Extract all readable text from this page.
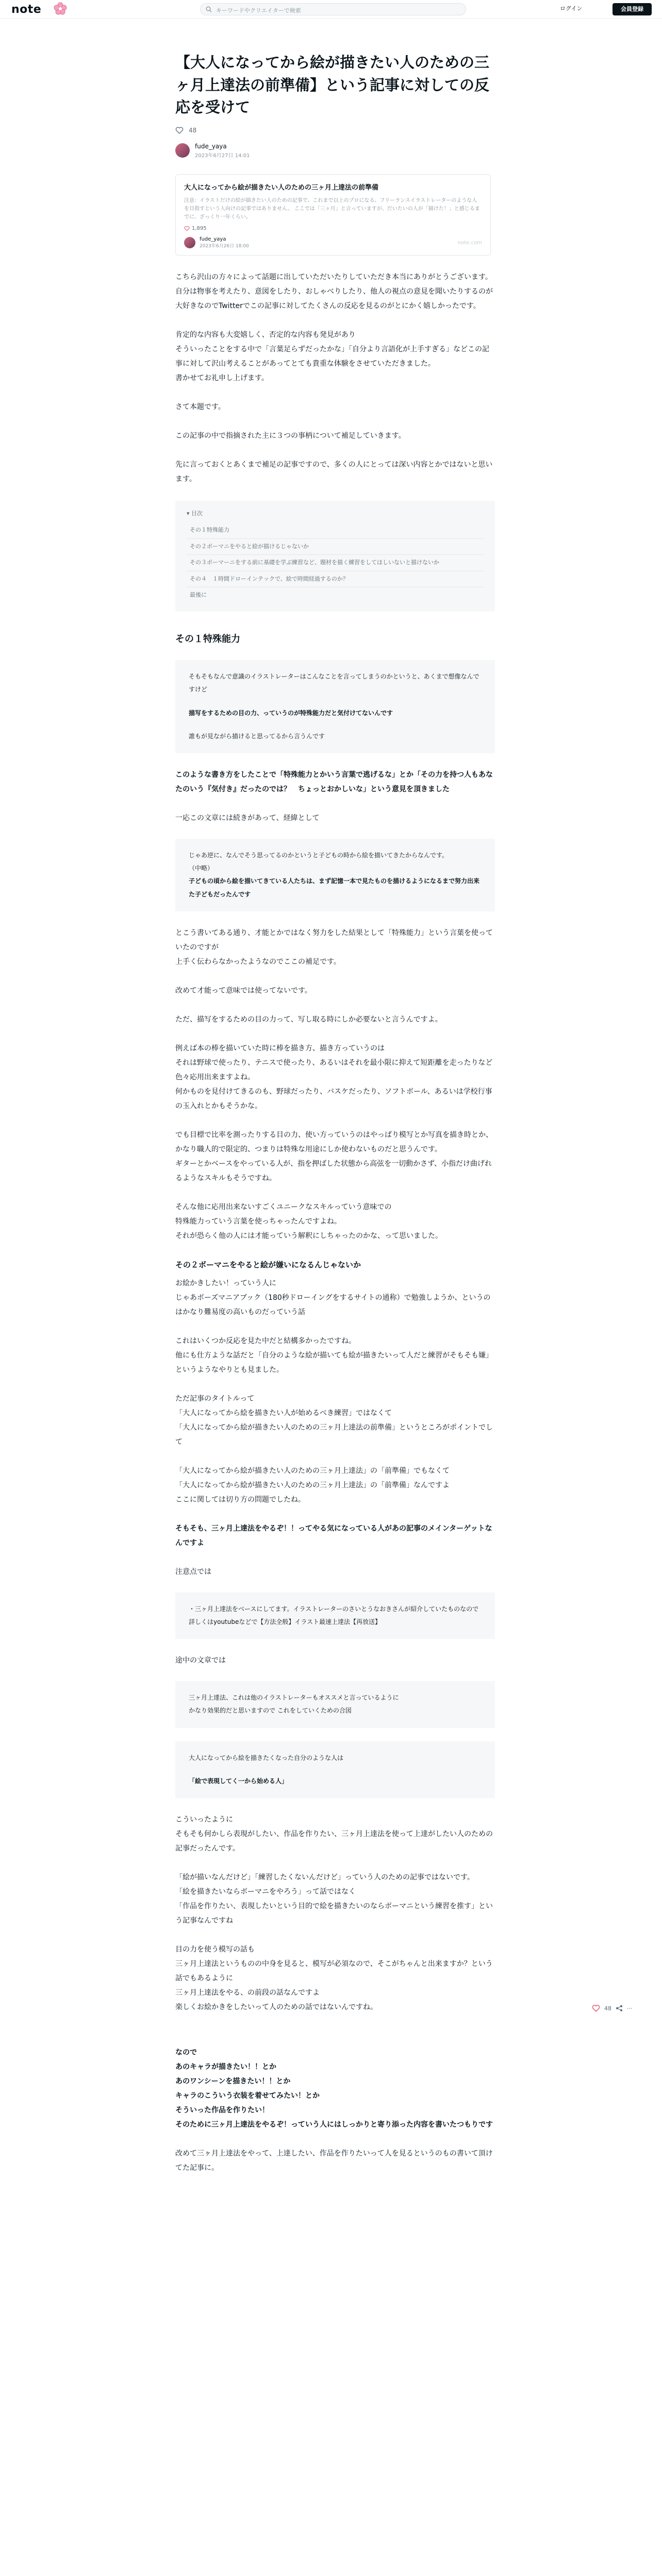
note	キーワードやクリエイターで検索	ログイン	会員登録
【大人になってから絵が描きたい人のための三ヶ月上達法の前準備】という記事に対しての反応を受けて
48
fude_yaya
2023年6月27日 14:01
大人になってから絵が描きたい人のための三ヶ月上達法の前準備
注意：イラストだけの絵が描きたい人のための記事で、これまで以上のプロになる、フリーランスイラストレーターのような人を目指すという人向けの記事ではありません。 ここでは「三ヶ月」と言っていますが、だいたいの人が「描けた！」と感じるまでに、ざっくり一年くらい。
1,895
fude_yaya
2023年6月26日 18:00
note.com

こちら沢山の方々によって話題に出していただいたりしていただき本当にありがとうございます。

自分は物事を考えたり、意図をしたり、おしゃべりしたり、他人の視点の意見を聞いたりするのが大好きなのでTwitterでこの記事に対してたくさんの反応を見るのがとにかく嬉しかったです。

肯定的な内容も大変嬉しく、否定的な内容も発見があり

そういったことをする中で「言葉足らずだったかな」「自分より言語化が上手すぎる」などこの記事に対して沢山考えることがあってとても貴重な体験をさせていただきました。

書かせてお礼申し上げます。

さて本題です。

この記事の中で指摘された主に３つの事柄について補足していきます。

先に言っておくとあくまで補足の記事ですので、多くの人にとっては深い内容とかではないと思います。

▾ 目次
その１特殊能力
その２ボーマニをやると絵が描けるじゃないか
その３ボーマーニをする前に基礎を学ぶ練習など、題材を描く練習をしてほしいないと描けないか
その４　１時間ドローインテックで、絵で時間経過するのか？
最後に
その１特殊能力
そもそもなんで意識のイラストレーターはこんなことを言ってしまうのかというと、あくまで想像なんですけど
描写をするための目の力、っていうのが特殊能力だと気付けてないんです
誰もが見ながら描けると思ってるから言うんです

このような書き方をしたことで「特殊能力とかいう言葉で逃げるな」とか「その力を持つ人もあなたのいう『気付き』だったのでは？　ちょっとおかしいな」という意見を頂きました

一応この文章には続きがあって、経緯として

じゃあ逆に、なんでそう思ってるのかというと子どもの時から絵を描いてきたからなんです。
（中略）
子どもの頃から絵を描いてきている人たちは、まず記憶一本で見たものを描けるようになるまで努力出来た子どもだったんです

とこう書いてある通り、才能とかではなく努力をした結果として「特殊能力」という言葉を使っていたのですが
上手く伝わらなかったようなのでここの補足です。

改めて才能って意味では使ってないです。

ただ、描写をするための目の力って、写し取る時にしか必要ないと言うんですよ。

例えば本の棒を描いていた時に棒を描き方、描き方っていうのは
それは野球で使ったり、テニスで使ったり、あるいはそれを最小限に抑えて短距離を走ったりなど色々応用出来ますよね。
何かものを見付けてきるのも、野球だったり、バスケだったり、ソフトボール、あるいは学校行事の玉入れとかもそうかな。

でも目標で比率を測ったりする目の力、使い方っていうのはやっぱり模写とか写真を描き時とか、かなり職人的で限定的、つまりは特殊な用途にしか使わないものだと思うんです。
ギターとかベースをやっている人が、指を押ばした状態から高弦を一切動かさず、小指だけ曲げれるようなスキルもそうですね。

そんな他に応用出来ないすごくユニークなスキルっていう意味での
特殊能力っていう言葉を使っちゃったんですよね。
それが恐らく他の人には才能っていう解釈にしちゃったのかな、って思いました。

その２ボーマニをやると絵が嫌いになるんじゃないか

お絵かきしたい！っていう人に
じゃあボーズマニアブック（180秒ドローイングをするサイトの通称）で勉強しようか、というのはかなり難易度の高いものだっていう話

これはいくつか反応を見た中だと結構多かったですね。
他にも仕方ような話だと「自分のような絵が描いても絵が描きたいって人だと練習がそもそも嫌」というようなやりとも見ました。

ただ記事のタイトルって
「大人になってから絵を描きたい人が始めるべき練習」ではなくて
「大人になってから絵が描きたい人のための三ヶ月上達法の前準備」というところがポイントでして

「大人になってから絵が描きたい人のための三ヶ月上達法」の「前準備」でもなくて
「大人になってから絵が描きたい人のための三ヶ月上達法」の「前準備」なんですよ
ここに関しては切り方の問題でしたね。

そもそも、三ヶ月上達法をやるぞ！！ってやる気になっている人があの記事のメインターゲットなんですよ

注意点では

・三ヶ月上達法をベースにしてます。イラストレーターのさいとうなおきさんが紹介していたものなので詳しくはyoutubeなどで【方法全般】イラスト最速上達法【再放送】

途中の文章では

三ヶ月上達法、これは他のイラストレーターもオススメと言っているように
かなり効果的だと思いますので これをしていくための合図
大人になってから絵を描きたくなった自分のような人は
「絵で表現してく一から始める人」

こういったように
そもそも何かしら表現がしたい、作品を作りたい、三ヶ月上達法を使って上達がしたい人のための記事だったんです。

「絵が描いなんだけど」「練習したくないんだけど」っていう人のための記事ではないです。
「絵を描きたいならボーマニをやろう」って話ではなく
「作品を作りたい、表現したいという目的で絵を描きたいのならボーマニという練習を推す」という記事なんですね

目の力を使う模写の話も
三ヶ月上達法というものの中身を見ると、模写が必須なので、そこがちゃんと出来ますか？という話でもあるように
三ヶ月上達法をやる、の前段の話なんですよ
楽しくお絵かきをしたいって人のための話ではないんですね。

なので
あのキャラが描きたい！！とか
あのワンシーンを描きたい！！とか
キャラのこういう衣装を着せてみたい！とか
そういった作品を作りたい！
そのために三ヶ月上達法をやるぞ！っていう人にはしっかりと寄り添った内容を書いたつもりです

改めて三ヶ月上達法をやって、上達したい、作品を作りたいって人を見るというのもの書いて頂けてた記事に。

48	···
